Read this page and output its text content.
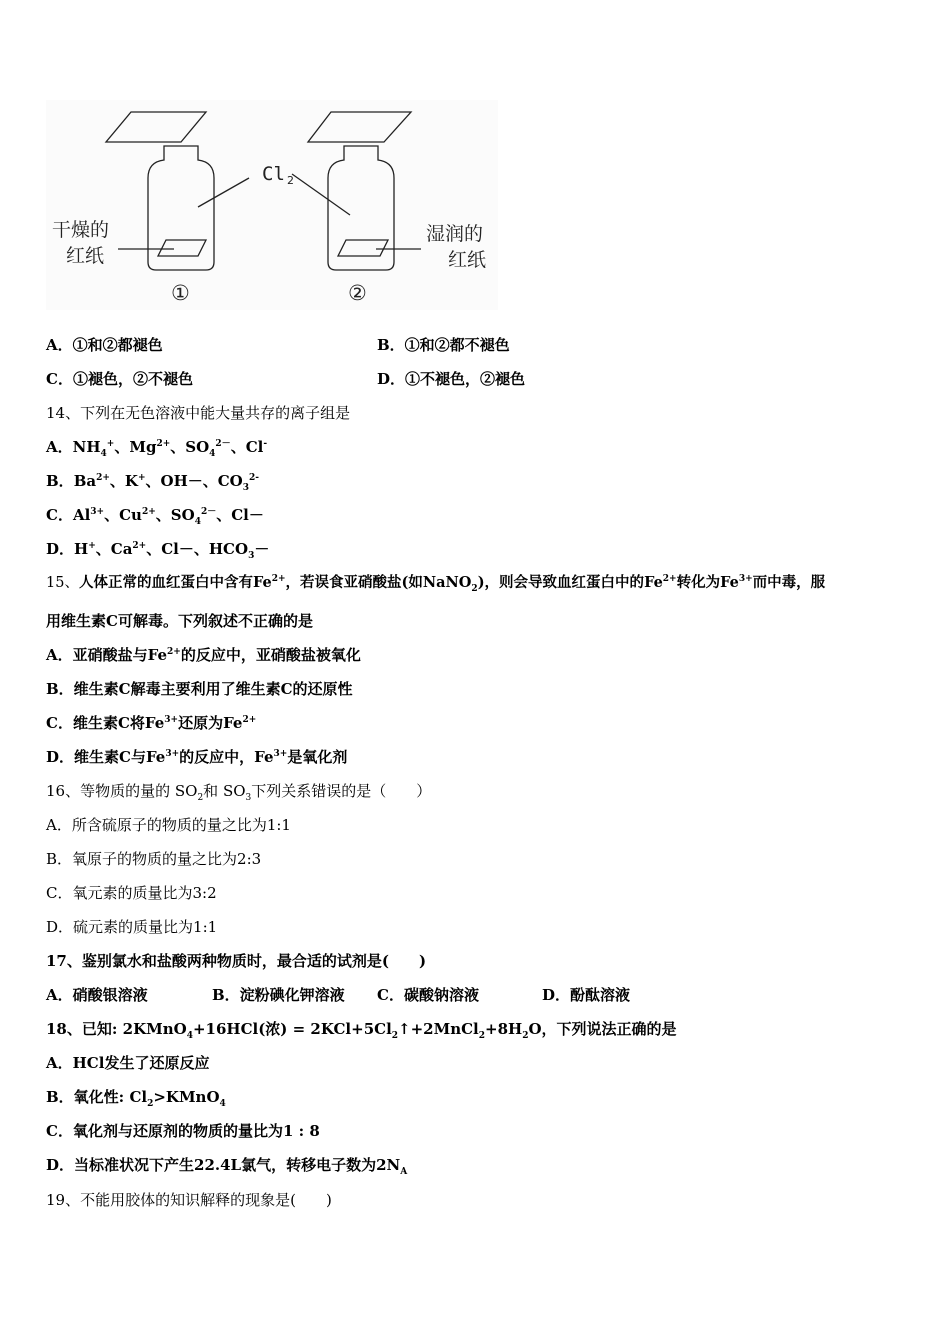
Cl 2
干燥的
红纸
湿润的
红纸
①	②
A．①和②都褪色	B．①和②都不褪色
C．①褪色，②不褪色	D．①不褪色，②褪色
14、下列在无色溶液中能大量共存的离子组是
A．$NH_4^+$、$Mg^{2+}$、$SO_4^{2-}$、Cl-
B．$Ba^{2+}$、K+、OH－、$CO_3^{2-}$
C．$Al^{3+}$、$Cu^{2+}$、$SO_4^{2-}$、Cl－
D．H+、$Ca^{2+}$、Cl－、$HCO_3-$
15、人体正常的血红蛋白中含有$Fe^{2+}$，若误食亚硝酸盐(如NaNO$_2$)，则会导致血红蛋白中的$Fe^{2+}$转化为$Fe^{3+}$而中毒，服
用维生素C可解毒。下列叙述不正确的是
A．亚硝酸盐与$Fe^{2+}$的反应中，亚硝酸盐被氧化
B．维生素C解毒主要利用了维生素C的还原性
C．维生素C将$Fe^{3+}$还原为$Fe^{2+}$
D．维生素C与$Fe^{3+}$的反应中，$Fe^{3+}$是氧化剂
16、等物质的量的 $SO_2$和 $SO_3$下列关系错误的是（　　）
A．所含硫原子的物质的量之比为1:1
B．氧原子的物质的量之比为2:3
C．氧元素的质量比为3:2
D．硫元素的质量比为1:1
17、鉴别氯水和盐酸两种物质时，最合适的试剂是(　　)
A．硝酸银溶液	B．淀粉碘化钾溶液 C．碳酸钠溶液	D．酚酞溶液
18、已知: 2KMnO$_4$+16HCl(浓) = $2KCl+5Cl_2↑+2MnCl_2+8H_2O$，下列说法正确的是
A．HCl发生了还原反应
B．氧化性: $Cl_2>KMnO_4$
C．氧化剂与还原剂的物质的量比为1 : 8
D．当标准状况下产生22.4L氯气，转移电子数为$2N_A$
19、不能用胶体的知识解释的现象是(　　)
